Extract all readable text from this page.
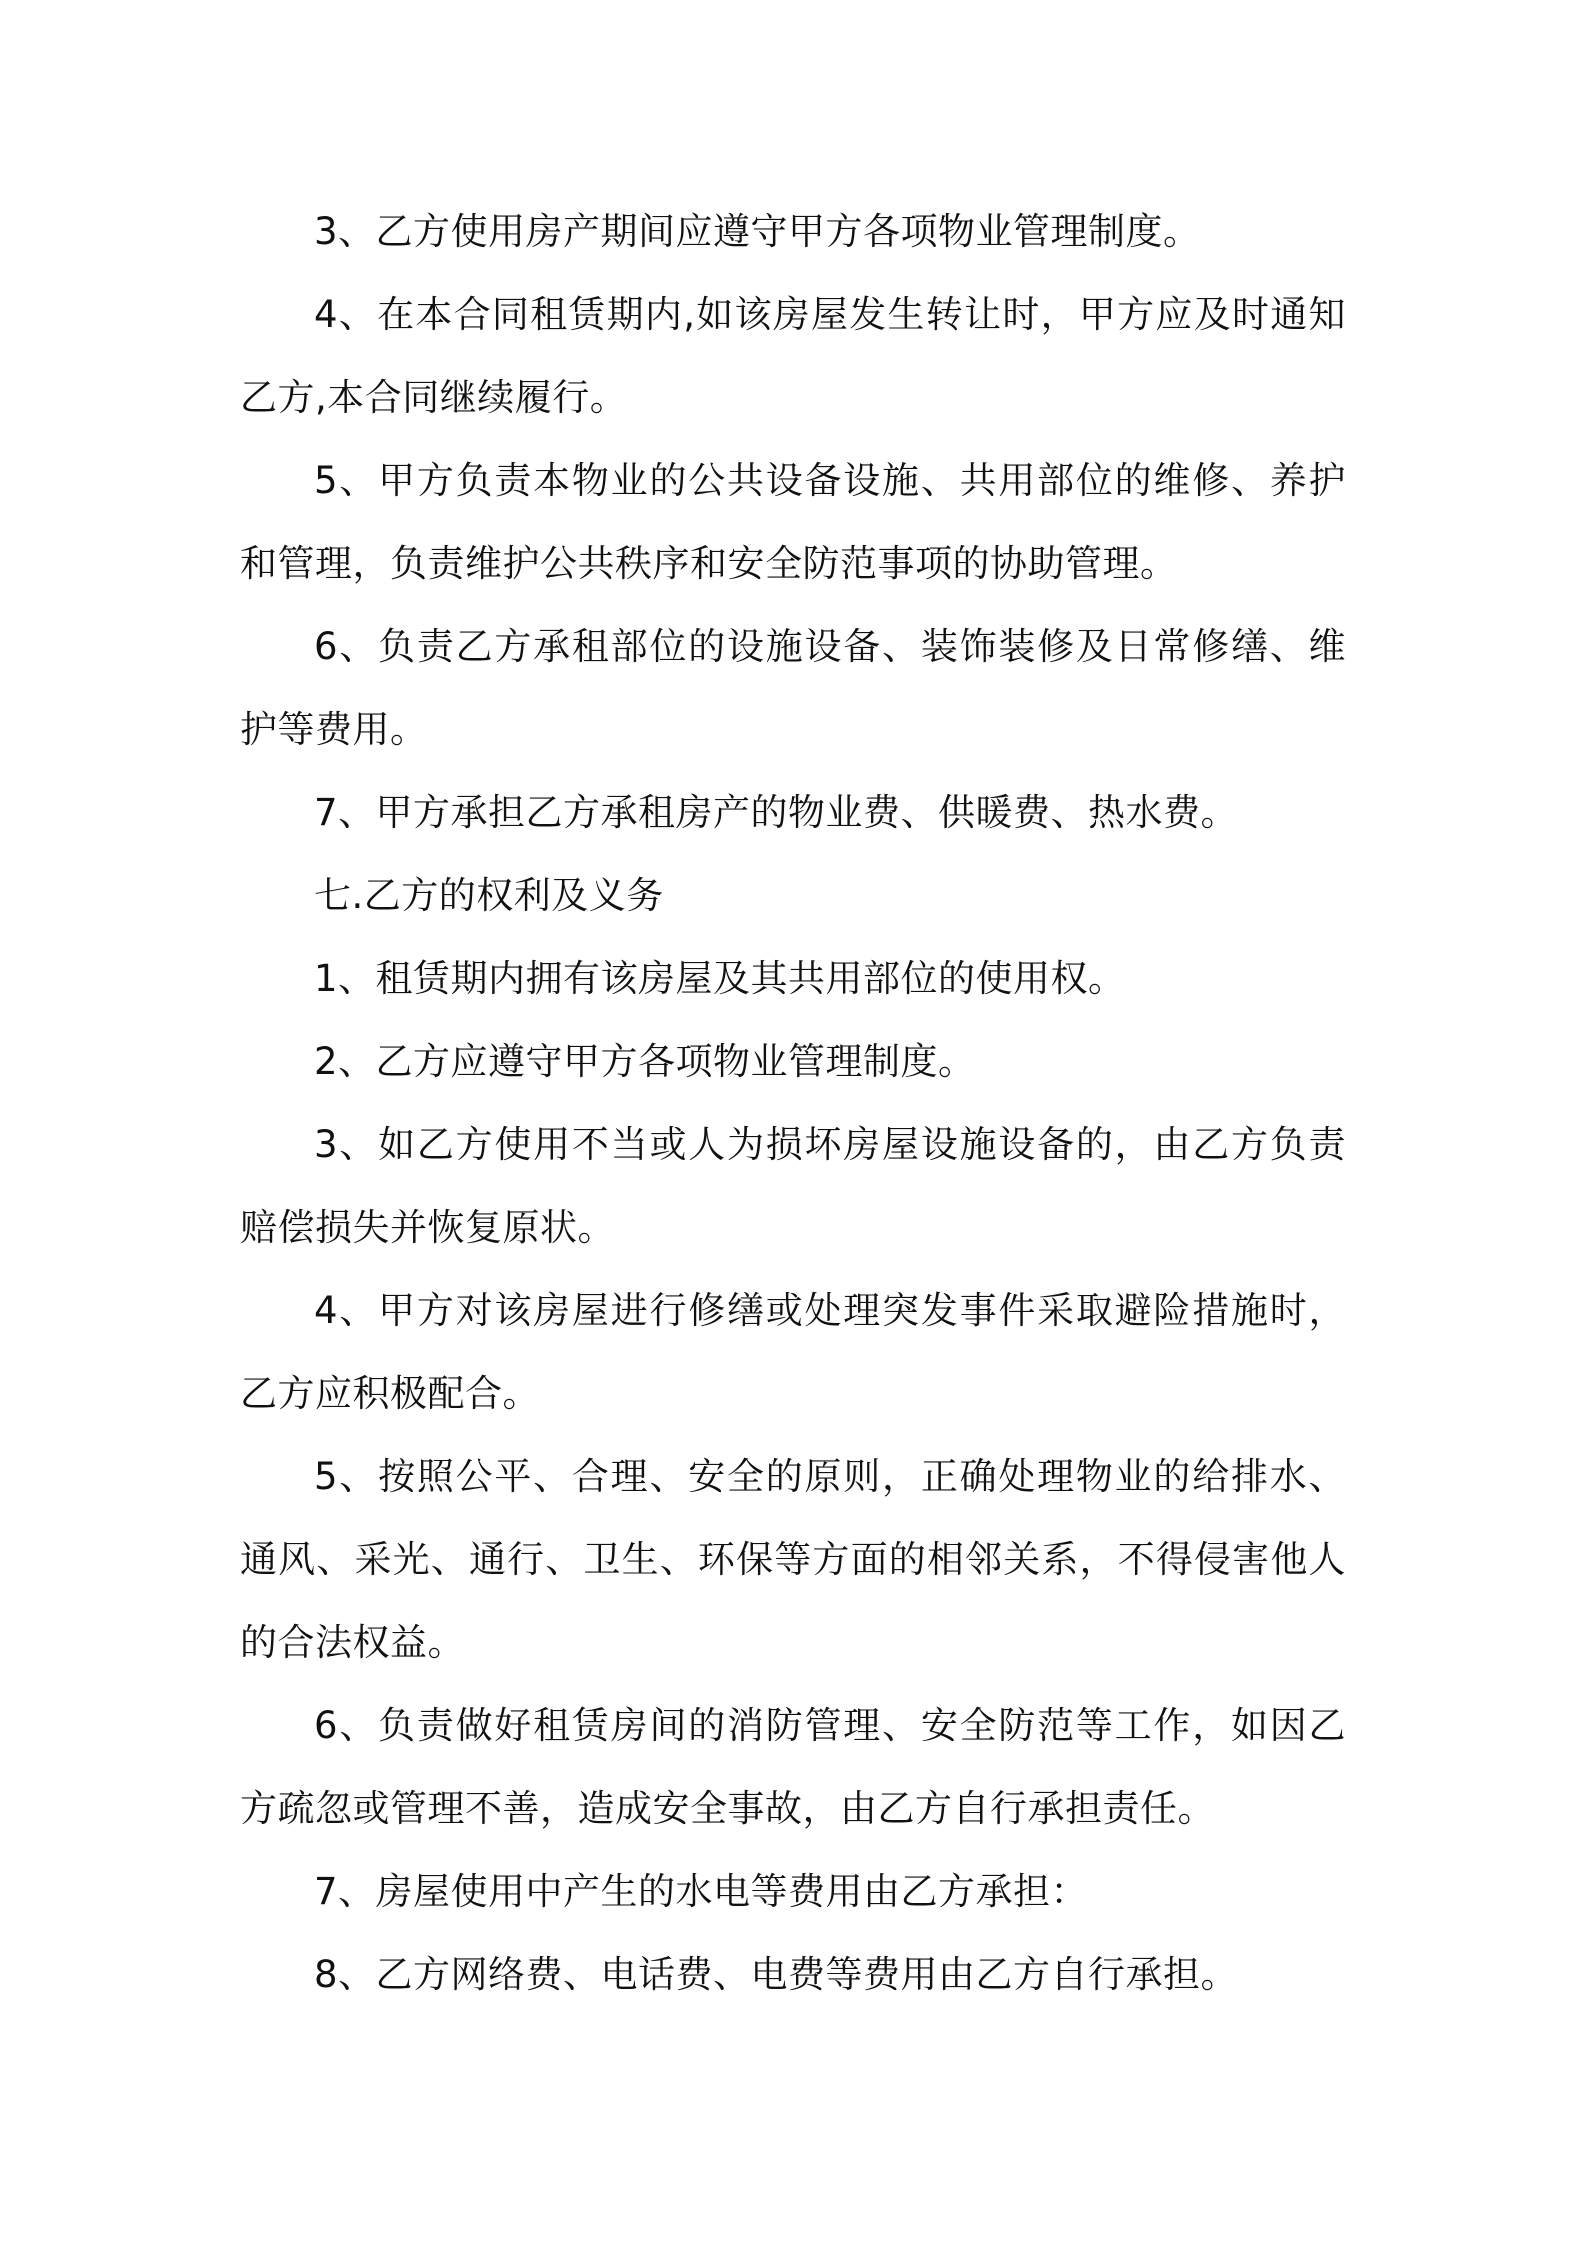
3、乙方使用房产期间应遵守甲方各项物业管理制度。

4、在本合同租赁期内,如该房屋发生转让时，甲方应及时通知乙方,本合同继续履行。

5、甲方负责本物业的公共设备设施、共用部位的维修、养护和管理，负责维护公共秩序和安全防范事项的协助管理。

6、负责乙方承租部位的设施设备、装饰装修及日常修缮、维护等费用。

7、甲方承担乙方承租房产的物业费、供暖费、热水费。

七.乙方的权利及义务

1、租赁期内拥有该房屋及其共用部位的使用权。

2、乙方应遵守甲方各项物业管理制度。

3、如乙方使用不当或人为损坏房屋设施设备的，由乙方负责赔偿损失并恢复原状。

4、甲方对该房屋进行修缮或处理突发事件采取避险措施时，乙方应积极配合。

5、按照公平、合理、安全的原则，正确处理物业的给排水、通风、采光、通行、卫生、环保等方面的相邻关系，不得侵害他人的合法权益。

6、负责做好租赁房间的消防管理、安全防范等工作，如因乙方疏忽或管理不善，造成安全事故，由乙方自行承担责任。

7、房屋使用中产生的水电等费用由乙方承担：

8、乙方网络费、电话费、电费等费用由乙方自行承担。
